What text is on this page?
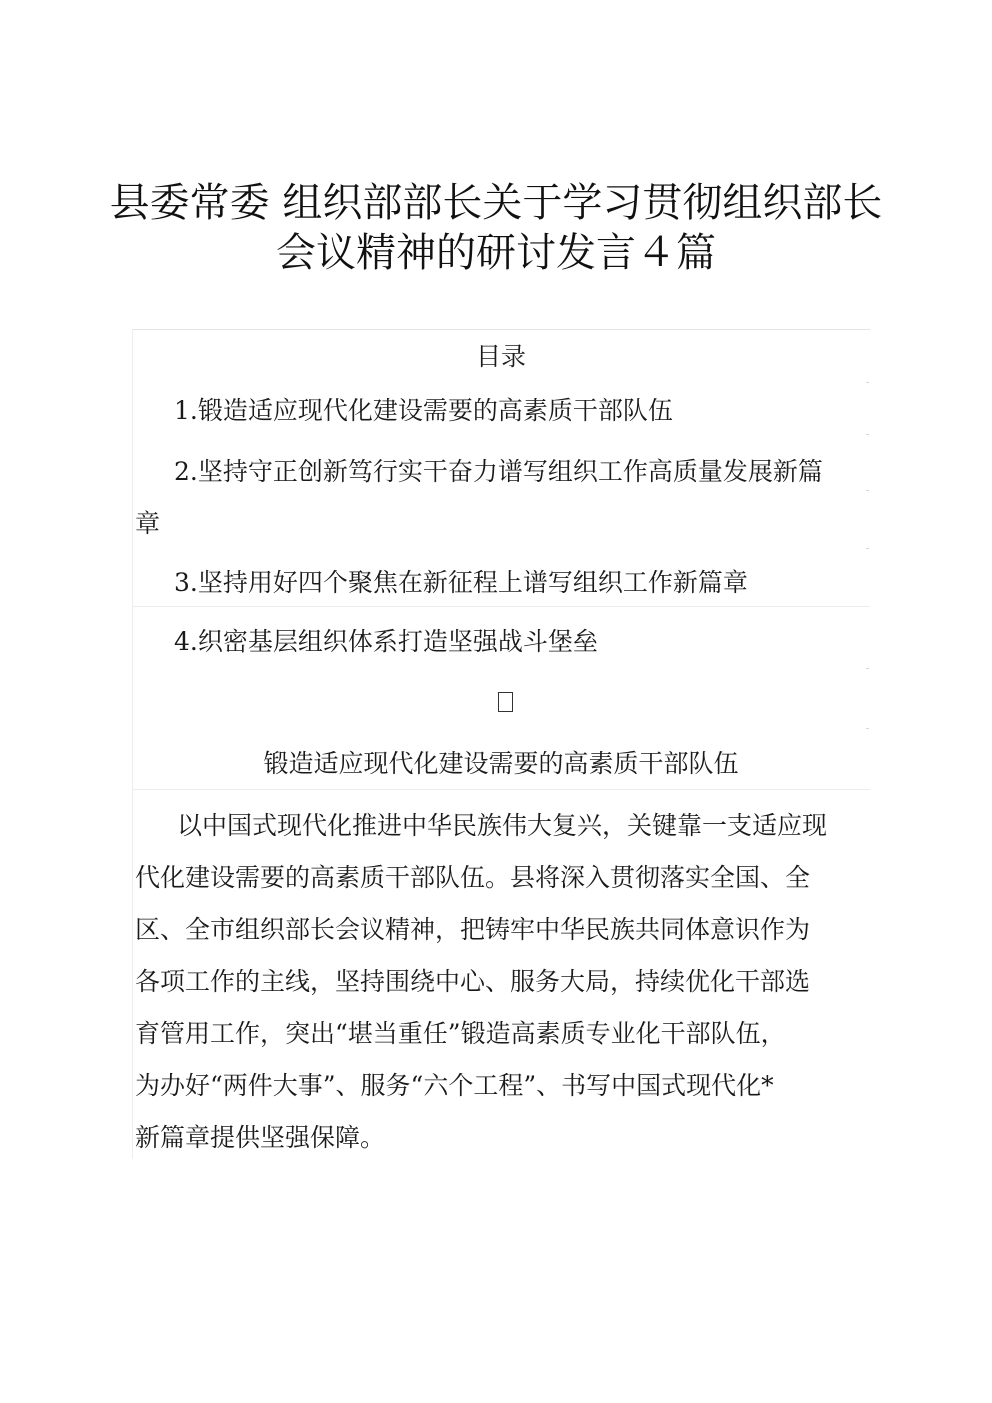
县委常委 组织部部长关于学习贯彻组织部长
会议精神的研讨发言４篇
目录
1.锻造适应现代化建设需要的高素质干部队伍
2.坚持守正创新笃行实干奋力谱写组织工作高质量发展新篇
章
3.坚持用好四个聚焦在新征程上谱写组织工作新篇章
4.织密基层组织体系打造坚强战斗堡垒
锻造适应现代化建设需要的高素质干部队伍
以中国式现代化推进中华民族伟大复兴，关键靠一支适应现
代化建设需要的高素质干部队伍。县将深入贯彻落实全国、全
区、全市组织部长会议精神，把铸牢中华民族共同体意识作为
各项工作的主线，坚持围绕中心、服务大局，持续优化干部选
育管用工作，突出“堪当重任”锻造高素质专业化干部队伍，
为办好“两件大事”、服务“六个工程”、书写中国式现代化*
新篇章提供坚强保障。
